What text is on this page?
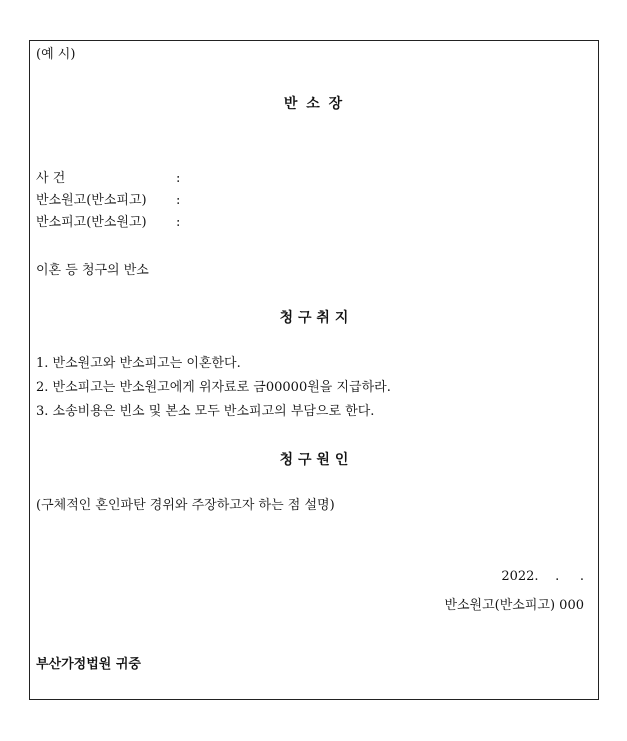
(예 시)
반 소 장
사 건	:
반소원고(반소피고) :
반소피고(반소원고) :
이혼 등 청구의 반소
청 구 취 지
1. 반소원고와 반소피고는 이혼한다.
2. 반소피고는 반소원고에게 위자료로 금00000원을 지급하라.
3. 소송비용은 빈소 및 본소 모두 반소피고의 부담으로 한다.
청 구 원 인
(구체적인 혼인파탄 경위와 주장하고자 하는 점 설명)
2022.    .     .
반소원고(반소피고) 000
부산가정법원 귀중
